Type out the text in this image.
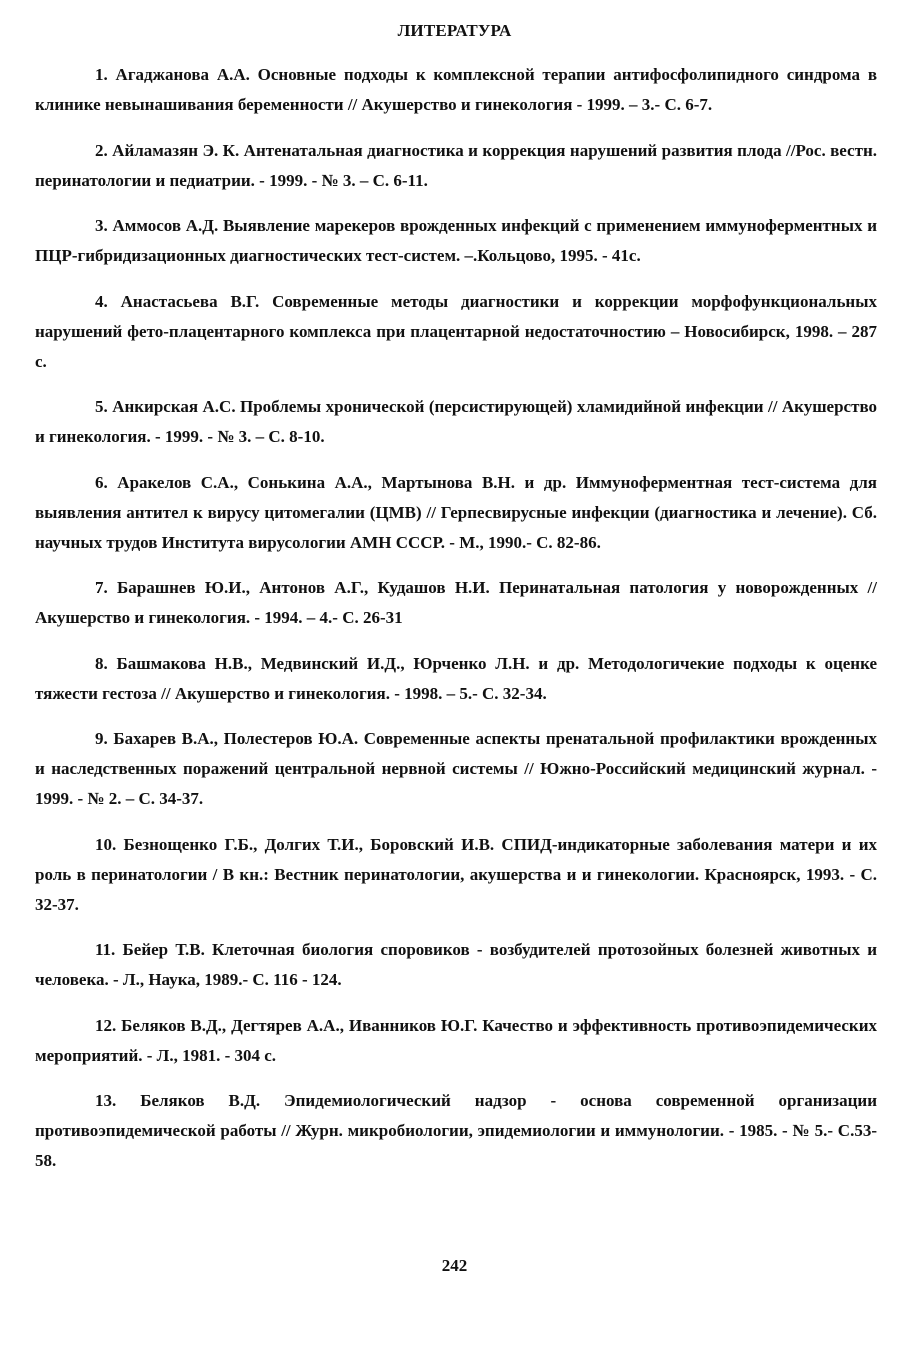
ЛИТЕРАТУРА

1. Агаджанова А.А. Основные подходы к комплексной терапии антифосфолипидного синдрома в клинике невынашивания беременности // Акушерство и гинекология - 1999. – 3.- С. 6-7.

2. Айламазян Э. К. Антенатальная диагностика и коррекция нарушений развития плода //Рос. вестн. перинатологии и педиатрии. - 1999. - № 3. – С. 6-11.

3. Аммосов А.Д. Выявление марекеров врожденных инфекций с применением иммуноферментных и ПЦР-гибридизационных диагностических тест-систем. –.Кольцово, 1995. - 41с.

4. Анастасьева В.Г. Современные методы диагностики и коррекции морфофункциональных нарушений фето-плацентарного комплекса при плацентарной недостаточностию – Новосибирск, 1998. – 287 с.

5. Анкирская А.С. Проблемы хронической (персистирующей) хламидийной инфекции // Акушерство и гинекология. - 1999. - № 3. – С. 8-10.

6. Аракелов С.А., Сонькина А.А., Мартынова В.Н. и др. Иммуноферментная тест-система для выявления антител к вирусу цитомегалии (ЦМВ) // Герпесвирусные инфекции (диагностика и лечение). Сб. научных трудов Института вирусологии АМН СССР. - М., 1990.- С. 82-86.

7. Барашнев Ю.И., Антонов А.Г., Кудашов Н.И. Перинатальная патология у новорожденных // Акушерство и гинекология. - 1994. – 4.- С. 26-31

8. Башмакова Н.В., Медвинский И.Д., Юрченко Л.Н. и др. Методологичекие подходы к оценке тяжести гестоза // Акушерство и гинекология. - 1998. – 5.- С. 32-34.

9. Бахарев В.А., Полестеров Ю.А. Современные аспекты пренатальной профилактики врожденных и наследственных поражений центральной нервной системы // Южно-Российский медицинский журнал. - 1999. - № 2. – С. 34-37.

10. Безнощенко Г.Б., Долгих Т.И., Боровский И.В. СПИД-индикаторные заболевания матери и их роль в перинатологии / В кн.: Вестник перинатологии, акушерства и и гинекологии. Красноярск, 1993. - С. 32-37.

11. Бейер Т.В. Клеточная биология споровиков - возбудителей протозойных болезней животных и человека. - Л., Наука, 1989.- С. 116 - 124.

12. Беляков В.Д., Дегтярев А.А., Иванников Ю.Г. Качество и эффективность противоэпидемических мероприятий. - Л., 1981. - 304 с.

13. Беляков В.Д. Эпидемиологический надзор - основа современной организации противоэпидемической работы // Журн. микробиологии, эпидемиологии и иммунологии. - 1985. - № 5.- С.53-58.

242
